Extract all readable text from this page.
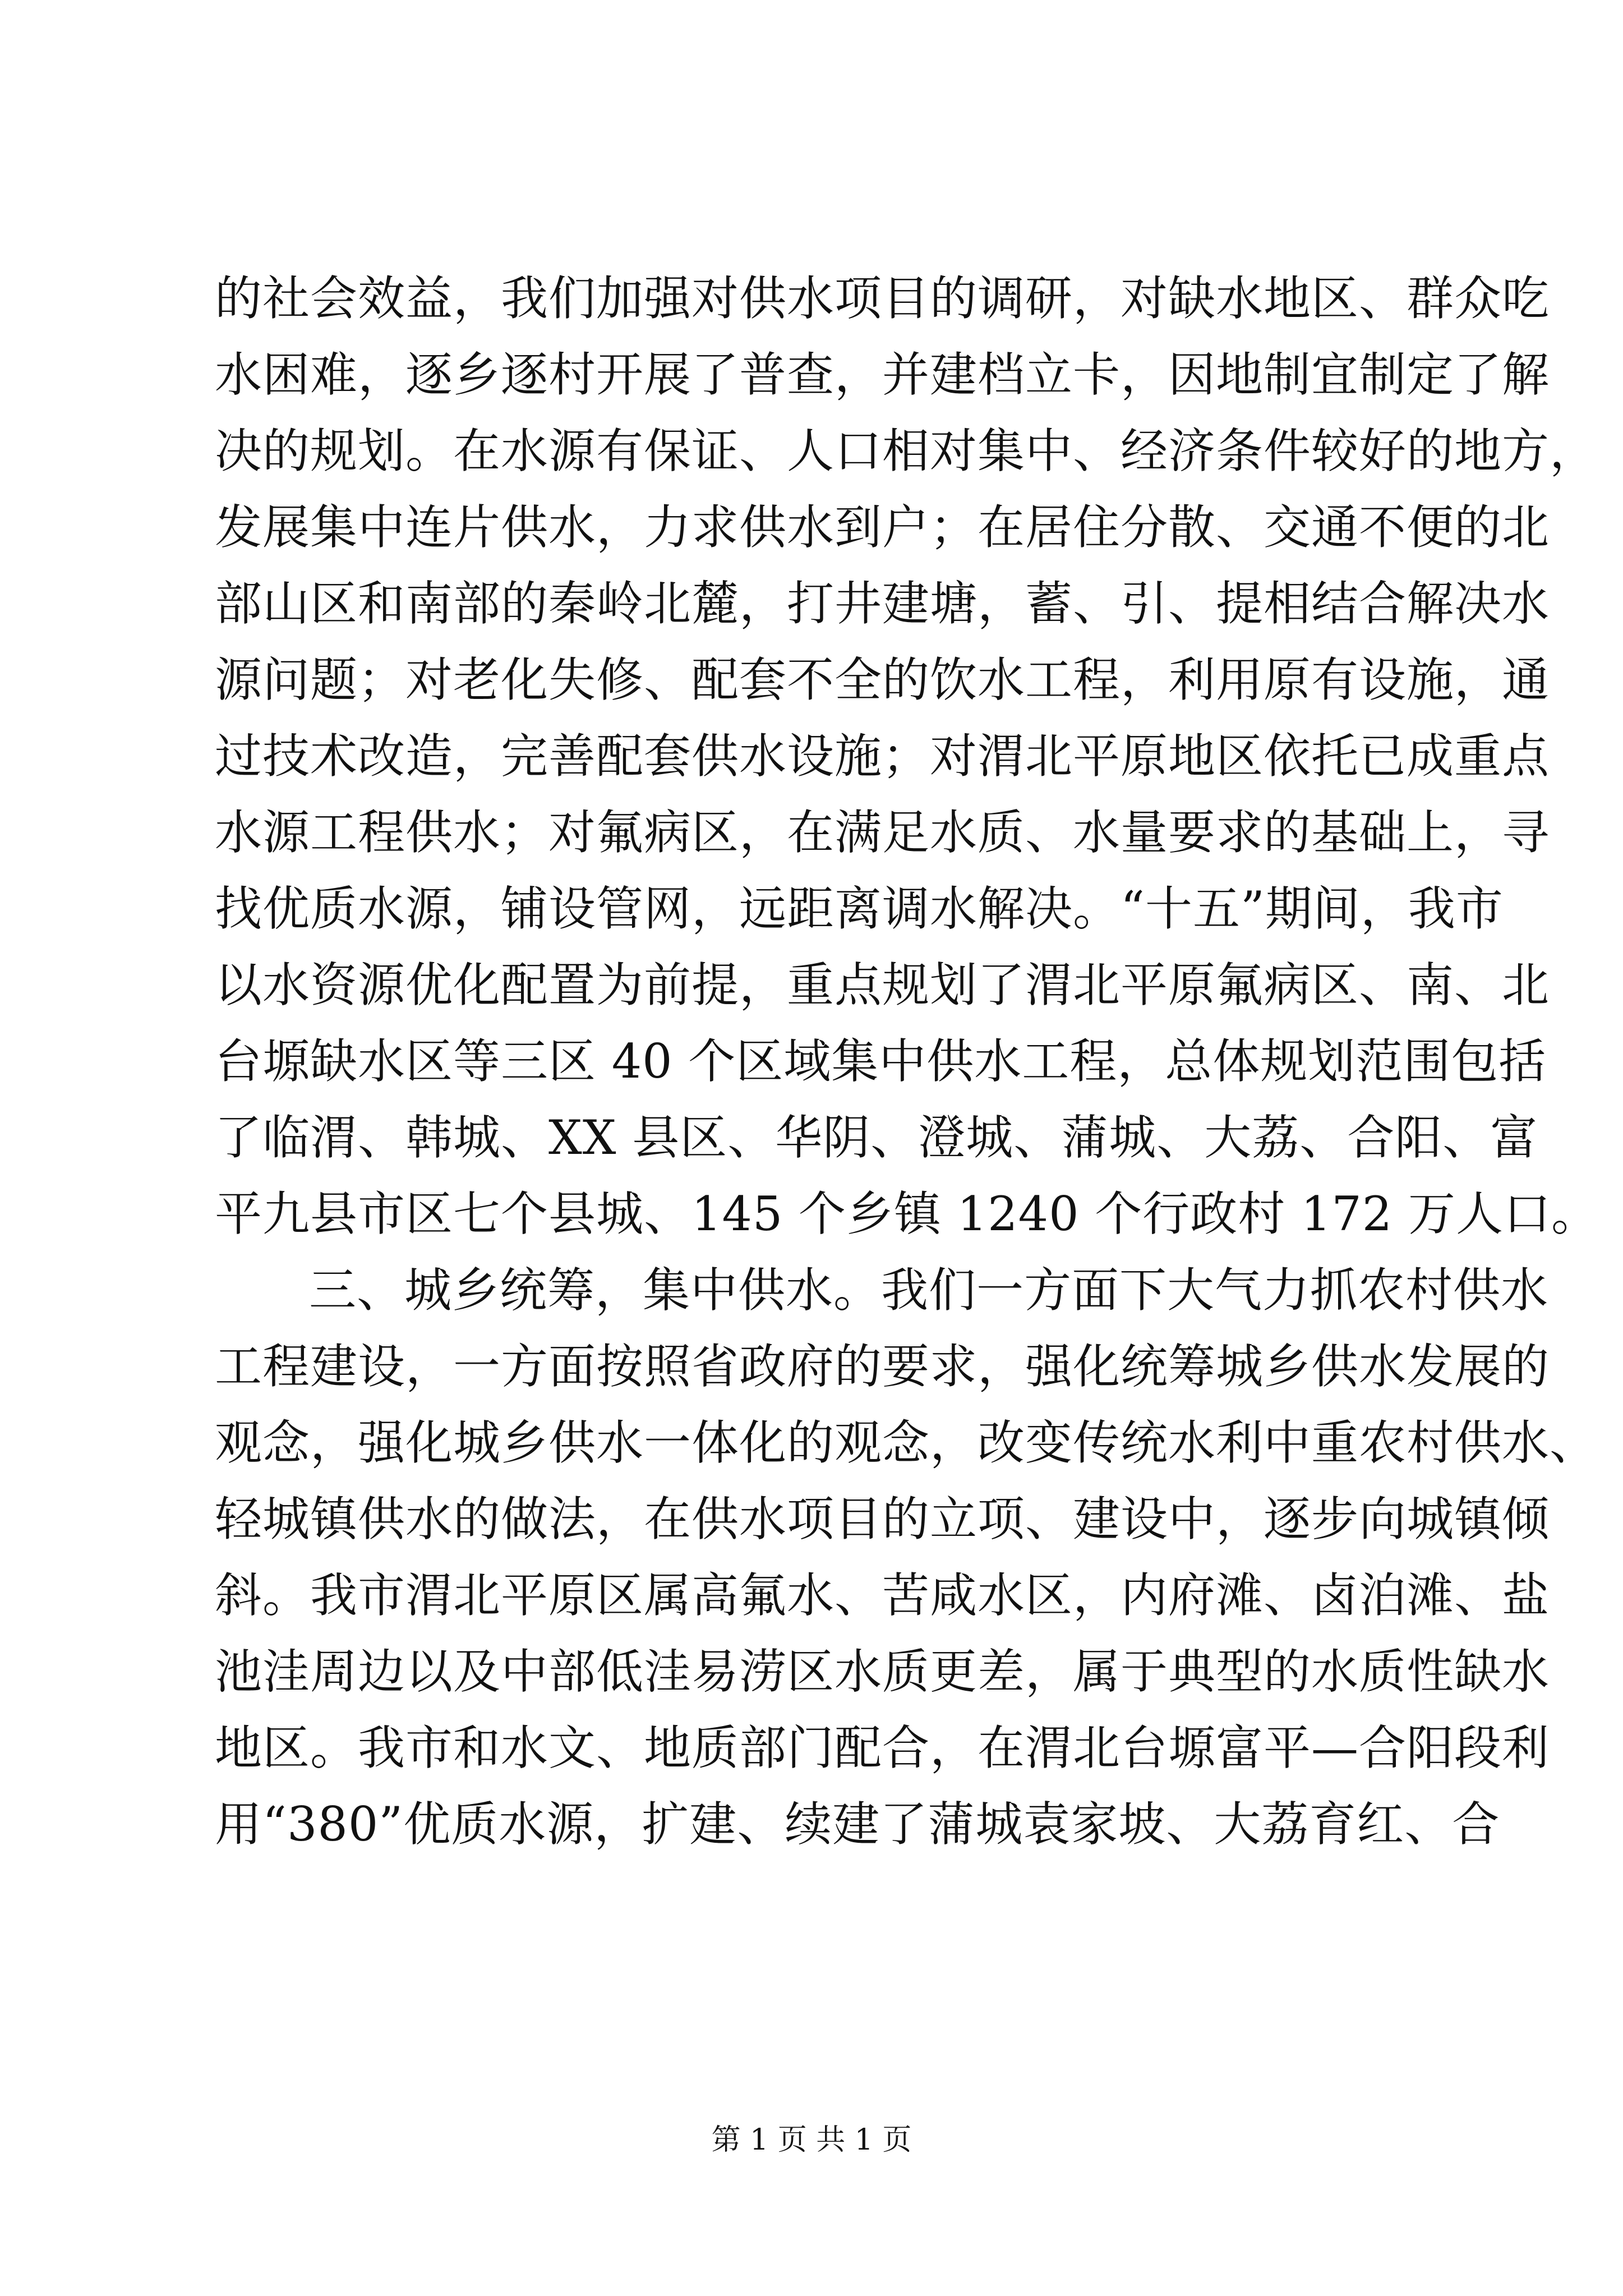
的社会效益，我们加强对供水项目的调研，对缺水地区、群众吃
水困难，逐乡逐村开展了普查，并建档立卡，因地制宜制定了解
决的规划。在水源有保证、人口相对集中、经济条件较好的地方，
发展集中连片供水，力求供水到户；在居住分散、交通不便的北
部山区和南部的秦岭北麓，打井建塘，蓄、引、提相结合解决水
源问题；对老化失修、配套不全的饮水工程，利用原有设施，通
过技术改造，完善配套供水设施；对渭北平原地区依托已成重点
水源工程供水；对氟病区，在满足水质、水量要求的基础上，寻
找优质水源，铺设管网，远距离调水解决。“十五”期间，我市
以水资源优化配置为前提，重点规划了渭北平原氟病区、南、北
台塬缺水区等三区 40 个区域集中供水工程，总体规划范围包括
了临渭、韩城、XX 县区、华阴、澄城、蒲城、大荔、合阳、富
平九县市区七个县城、145 个乡镇 1240 个行政村 172 万人口。
三、城乡统筹，集中供水。我们一方面下大气力抓农村供水
工程建设，一方面按照省政府的要求，强化统筹城乡供水发展的
观念，强化城乡供水一体化的观念，改变传统水利中重农村供水、
轻城镇供水的做法，在供水项目的立项、建设中，逐步向城镇倾
斜。我市渭北平原区属高氟水、苦咸水区，内府滩、卤泊滩、盐
池洼周边以及中部低洼易涝区水质更差，属于典型的水质性缺水
地区。我市和水文、地质部门配合，在渭北台塬富平—合阳段利
用“380”优质水源，扩建、续建了蒲城袁家坡、大荔育红、合
第 1 页 共 1 页
